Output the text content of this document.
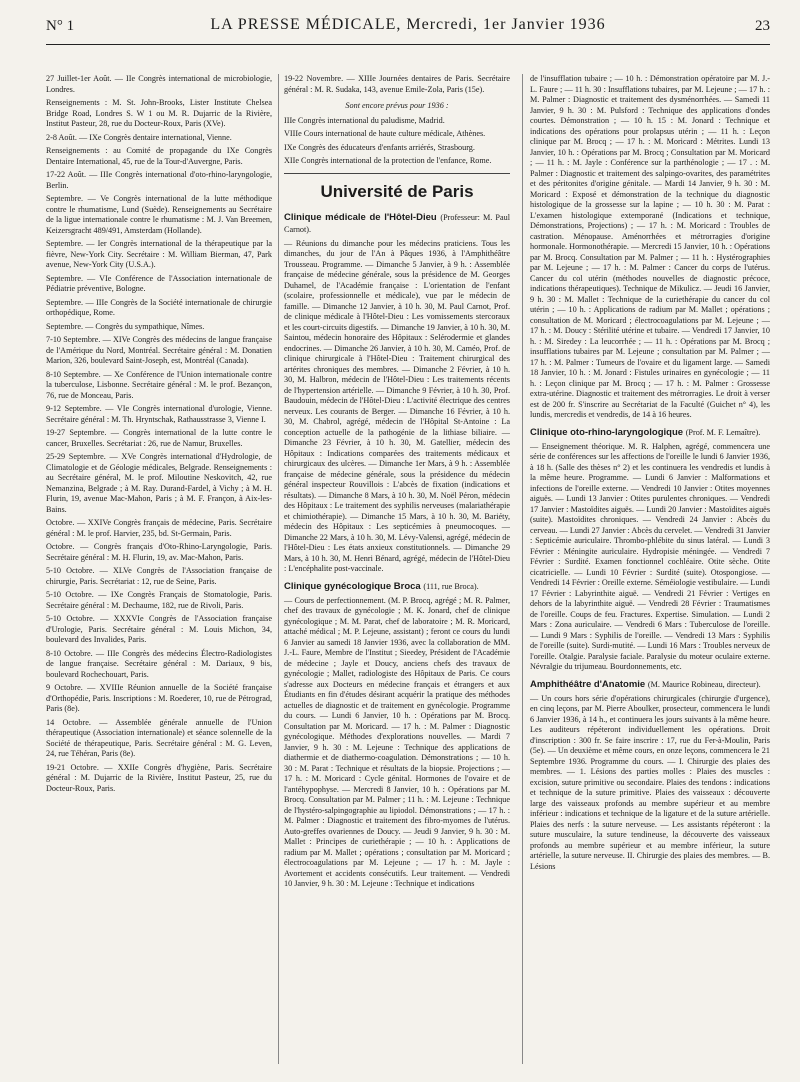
N° 1	LA PRESSE MÉDICALE, Mercredi, 1er Janvier 1936	23

27 Juillet-1er Août. — IIe Congrès international de microbiologie, Londres.

Renseignements : M. St. John-Brooks, Lister Institute Chelsea Bridge Road, Londres S. W 1 ou M. R. Dujarric de la Rivière, Institut Pasteur, 28, rue du Docteur-Roux, Paris (XVe).

2-8 Août. — IXe Congrès dentaire international, Vienne.

Renseignements : au Comité de propagande du IXe Congrès Dentaire International, 45, rue de la Tour-d'Auvergne, Paris.

17-22 Août. — IIIe Congrès international d'oto-rhino-laryngologie, Berlin.

Septembre. — Ve Congrès international de la lutte méthodique contre le rhumatisme, Lund (Suède). Renseignements au Secrétaire de la ligue internationale contre le rhumatisme : M. J. Van Breemen, Keizersgracht 489/491, Amsterdam (Hollande).

Septembre. — Ier Congrès international de la thérapeutique par la fièvre, New-York City. Secrétaire : M. William Bierman, 47, Park avenue, New-York City (U.S.A.).

Septembre. — VIe Conférence de l'Association internationale de Pédiatrie préventive, Bologne.

Septembre. — IIIe Congrès de la Société internationale de chirurgie orthopédique, Rome.

Septembre. — Congrès du sympathique, Nîmes.

7-10 Septembre. — XIVe Congrès des médecins de langue française de l'Amérique du Nord, Montréal. Secrétaire général : M. Donatien Marion, 326, boulevard Saint-Joseph, est, Montréal (Canada).

8-10 Septembre. — Xe Conférence de l'Union internationale contre la tuberculose, Lisbonne. Secrétaire général : M. le prof. Bezançon, 76, rue de Monceau, Paris.

9-12 Septembre. — VIe Congrès international d'urologie, Vienne. Secrétaire général : M. Th. Hryntschak, Rathausstrasse 3, Vienne I.

19-27 Septembre. — Congrès international de la lutte contre le cancer, Bruxelles. Secrétariat : 26, rue de Namur, Bruxelles.

25-29 Septembre. — XVe Congrès international d'Hydrologie, de Climatologie et de Géologie médicales, Belgrade. Renseignements : au Secrétaire général, M. le prof. Miloutine Neskovitch, 42, rue Nemanzina, Belgrade ; à M. Ray. Durand-Fardel, à Vichy ; à M. H. Flurin, 19, avenue Mac-Mahon, Paris ; à M. F. Françon, à Aix-les-Bains.

Octobre. — XXIVe Congrès français de médecine, Paris. Secrétaire général : M. le prof. Harvier, 235, bd. St-Germain, Paris.

Octobre. — Congrès français d'Oto-Rhino-Laryngologie, Paris. Secrétaire général : M. H. Flurin, 19, av. Mac-Mahon, Paris.

5-10 Octobre. — XLVe Congrès de l'Association française de chirurgie, Paris. Secrétariat : 12, rue de Seine, Paris.

5-10 Octobre. — IXe Congrès Français de Stomatologie, Paris. Secrétaire général : M. Dechaume, 182, rue de Rivoli, Paris.

5-10 Octobre. — XXXVIe Congrès de l'Association française d'Urologie, Paris. Secrétaire général : M. Louis Michon, 34, boulevard des Invalides, Paris.

8-10 Octobre. — IIIe Congrès des médecins Électro-Radiologistes de langue française. Secrétaire général : M. Dariaux, 9 bis, boulevard Rochechouart, Paris.

9 Octobre. — XVIIIe Réunion annuelle de la Société française d'Orthopédie, Paris. Inscriptions : M. Roederer, 10, rue de Pétrograd, Paris (8e).

14 Octobre. — Assemblée générale annuelle de l'Union thérapeutique (Association internationale) et séance solennelle de la Société de thérapeutique, Paris. Secrétaire général : M. G. Leven, 24, rue Téhéran, Paris (8e).

19-21 Octobre. — XXIIe Congrès d'hygiène, Paris. Secrétaire général : M. Dujarric de la Rivière, Institut Pasteur, 25, rue du Docteur-Roux, Paris.

19-22 Novembre. — XIIIe Journées dentaires de Paris. Secrétaire général : M. R. Sudaka, 143, avenue Emile-Zola, Paris (15e).

Sont encore prévus pour 1936 :

IIIe Congrès international du paludisme, Madrid.

VIIIe Cours international de haute culture médicale, Athènes.

IXe Congrès des éducateurs d'enfants arriérés, Strasbourg.

XIIe Congrès international de la protection de l'enfance, Rome.

Université de Paris
Clinique médicale de l'Hôtel-Dieu (Professeur: M. Paul Carnot).

— Réunions du dimanche pour les médecins praticiens. Tous les dimanches, du jour de l'An à Pâques 1936, à l'Amphithéâtre Trousseau. Programme. — Dimanche 5 Janvier, à 9 h. : Assemblée française de médecine générale, sous la présidence de M. Georges Duhamel, de l'Académie française : L'orientation de l'enfant (scolaire, professionnelle et médicale), vue par le médecin de famille. — Dimanche 12 Janvier, à 10 h. 30, M. Paul Carnot, Prof. de clinique médicale à l'Hôtel-Dieu : Les vomissements stercoraux et les court-circuits digestifs. — Dimanche 19 Janvier, à 10 h. 30, M. Saintou, médecin honoraire des Hôpitaux : Selérodermie et glandes endocrines. — Dimanche 26 Janvier, à 10 h. 30, M. Caméo, Prof. de clinique chirurgicale à l'Hôtel-Dieu : Traitement chirurgical des artérites chroniques des membres. — Dimanche 2 Février, à 10 h. 30, M. Halbron, médecin de l'Hôtel-Dieu : Les traitements récents de l'hypertension artérielle. — Dimanche 9 Février, à 10 h. 30, Prof. Baudouin, médecin de l'Hôtel-Dieu : L'activité électrique des centres nerveux. Les courants de Berger. — Dimanche 16 Février, à 10 h. 30, M. Chabrol, agrégé, médecin de l'Hôpital St-Antoine : La conception actuelle de la pathogénie de la lithiase biliaire. — Dimanche 23 Février, à 10 h. 30, M. Gatellier, médecin des Hôpitaux : Indications comparées des traitements médicaux et chirurgicaux des ulcères. — Dimanche 1er Mars, à 9 h. : Assemblée française de médecine générale, sous la présidence du médecin général inspecteur Rouvillois : L'abcès de fixation (indications et résultats). — Dimanche 8 Mars, à 10 h. 30, M. Noël Péron, médecin des Hôpitaux : Le traitement des syphilis nerveuses (malariathérapie et chimiothérapie). — Dimanche 15 Mars, à 10 h. 30, M. Bariéty, médecin des Hôpitaux : Les septicémies à pneumocoques. — Dimanche 22 Mars, à 10 h. 30, M. Lévy-Valensi, agrégé, médecin de l'Hôtel-Dieu : Les états anxieux constitutionnels. — Dimanche 29 Mars, à 10 h. 30, M. Henri Bénard, agrégé, médecin de l'Hôtel-Dieu : L'encéphalite post-vaccinale.

Clinique gynécologique Broca (111, rue Broca).

— Cours de perfectionnement. (M. P. Brocq, agrégé ; M. R. Palmer, chef des travaux de gynécologie ; M. K. Jonard, chef de clinique gynécologique ; M. M. Parat, chef de laboratoire ; M. R. Moricard, attaché médical ; M. P. Lejeune, assistant) ; feront ce cours du lundi 6 Janvier au samedi 18 Janvier 1936, avec la collaboration de MM. J.-L. Faure, Membre de l'Institut ; Sieedey, Président de l'Académie de médecine ; Jayle et Doucy, anciens chefs des travaux de gynécologie ; Mallet, radiologiste des Hôpitaux de Paris. Ce cours s'adresse aux Docteurs en médecine français et étrangers et aux Étudiants en fin d'études désirant acquérir la pratique des méthodes actuelles de diagnostic et de traitement en gynécologie. Programme du cours. — Lundi 6 Janvier, 10 h. : Opérations par M. Brocq. Consultation par M. Moricard. — 17 h. : M. Palmer : Diagnostic gynécologique. Méthodes d'explorations nouvelles. — Mardi 7 Janvier, 9 h. 30 : M. Lejeune : Technique des applications de diathermie et de diathermo-coagulation. Démonstrations ; — 10 h. 30 : M. Parat : Technique et résultats de la biopsie. Projections ; — 17 h. : M. Moricard : Cycle génital. Hormones de l'ovaire et de l'antéhypophyse. — Mercredi 8 Janvier, 10 h. : Opérations par M. Brocq. Consultation par M. Palmer ; 11 h. : M. Lejeune : Technique de l'hystéro-salpingographie au lipiodol. Démonstrations ; — 17 h. : M. Palmer : Diagnostic et traitement des fibro-myomes de l'utérus. Auto-greffes ovariennes de Doucy. — Jeudi 9 Janvier, 9 h. 30 : M. Mallet : Principes de curiethérapie ; — 10 h. : Applications de radium par M. Mallet ; opérations ; consultation par M. Moricard ; électrocoagulations par M. Lejeune ; — 17 h. : M. Jayle : Avortement et accidents consécutifs. Leur traitement. — Vendredi 10 Janvier, 9 h. 30 : M. Lejeune : Technique et indications

de l'insufflation tubaire ; — 10 h. : Démonstration opératoire par M. J.-L. Faure ; — 11 h. 30 : Insufflations tubaires, par M. Lejeune ; — 17 h. : M. Palmer : Diagnostic et traitement des dysménorrhées. — Samedi 11 Janvier, 9 h. 30 : M. Pulsford : Technique des applications d'ondes courtes. Démonstration ; — 10 h. 15 : M. Jonard : Technique et indications des opérations pour prolapsus utérin ; — 11 h. : Leçon clinique par M. Brocq ; — 17 h. : M. Moricard : Métrites. Lundi 13 Janvier, 10 h. : Opérations par M. Brocq ; Consultation par M. Moricard ; — 11 h. : M. Jayle : Conférence sur la parthénologie ; — 17 . : M. Palmer : Diagnostic et traitement des salpingo-ovarites, des paramétrites et des péritonites d'origine génitale. — Mardi 14 Janvier, 9 h. 30 : M. Moricard : Exposé et démonstration de la technique du diagnostic histologique de la grossesse sur la lapine ; — 10 h. 30 : M. Parat : L'examen histologique extemporané (Indications et technique, Démonstrations, Projections) ; — 17 h. : M. Moricard : Troubles de castration. Ménopause. Aménorrhées et métrorragies d'origine hormonale. Hormonothérapie. — Mercredi 15 Janvier, 10 h. : Opérations par M. Brocq. Consultation par M. Palmer ; — 11 h. : Hystérographies par M. Lejeune ; — 17 h. : M. Palmer : Cancer du corps de l'utérus. Cancer du col utérin (méthodes nouvelles de diagnostic précoce, indications thérapeutiques). Technique de Mikulicz. — Jeudi 16 Janvier, 9 h. 30 : M. Mallet : Technique de la curiethérapie du cancer du col utérin ; — 10 h. : Applications de radium par M. Mallet ; opérations ; consultation de M. Moricard ; électrocoagulations par M. Lejeune ; — 17 h. : M. Doucy : Stérilité utérine et tubaire. — Vendredi 17 Janvier, 10 h. : M. Siredey : La leucorrhée ; — 11 h. : Opérations par M. Brocq ; insufflations tubaires par M. Lejeune ; consultation par M. Palmer ; — 17 h. : M. Palmer : Tumeurs de l'ovaire et du ligament large. — Samedi 18 Janvier, 10 h. : M. Jonard : Fistules urinaires en gynécologie ; — 11 h. : Leçon clinique par M. Brocq ; — 17 h. : M. Palmer : Grossesse extra-utérine. Diagnostic et traitement des métrorragies. Le droit à verser est de 200 fr. S'inscrire au Secrétariat de la Faculté (Guichet n° 4), les lundis, mercredis et vendredis, de 14 à 16 heures.

Clinique oto-rhino-laryngologique (Prof. M. F. Lemaître).

— Enseignement théorique. M. R. Halphen, agrégé, commencera une série de conférences sur les affections de l'oreille le lundi 6 Janvier 1936, à 18 h. (Salle des thèses n° 2) et les continuera les vendredis et lundis à la même heure. Programme. — Lundi 6 Janvier : Malformations et infections de l'oreille externe. — Vendredi 10 Janvier : Otites moyennes aiguës. — Lundi 13 Janvier : Otites purulentes chroniques. — Vendredi 17 Janvier : Mastoïdites aiguës. — Lundi 20 Janvier : Mastoïdites aiguës (suite). Mastoïdites chroniques. — Vendredi 24 Janvier : Abcès du cerveau. — Lundi 27 Janvier : Abcès du cervelet. — Vendredi 31 Janvier : Septicémie auriculaire. Thrombo-phlébite du sinus latéral. — Lundi 3 Février : Méningite auriculaire. Hydropisie méningée. — Vendredi 7 Février : Surdité. Examen fonctionnel cochléaire. Otite sèche. Otite cicatricielle. — Lundi 10 Février : Surdité (suite). Otospongiose. — Vendredi 14 Février : Oreille externe. Séméiologie vestibulaire. — Lundi 17 Février : Labyrinthite aiguë. — Vendredi 21 Février : Vertiges en dehors de la labyrinthite aiguë. — Vendredi 28 Février : Traumatismes de l'oreille. Coups de feu. Fractures. Expertise. Simulation. — Lundi 2 Mars : Zona auriculaire. — Vendredi 6 Mars : Tuberculose de l'oreille. — Lundi 9 Mars : Syphilis de l'oreille. — Vendredi 13 Mars : Syphilis de l'oreille (suite). Surdi-mutité. — Lundi 16 Mars : Troubles nerveux de l'oreille. Otalgie. Paralysie faciale. Paralysie du moteur oculaire externe. Névralgie du trijumeau. Bourdonnements, etc.

Amphithéâtre d'Anatomie (M. Maurice Robineau, directeur).

— Un cours hors série d'opérations chirurgicales (chirurgie d'urgence), en cinq leçons, par M. Pierre Aboulker, prosecteur, commencera le lundi 6 Janvier 1936, à 14 h., et continuera les jours suivants à la même heure. Les auditeurs répéteront individuellement les opérations. Droit d'inscription : 300 fr. Se faire inscrire : 17, rue du Fer-à-Moulin, Paris (5e). — Un deuxième et même cours, en onze leçons, commencera le 21 Septembre 1936. Programme du cours. — I. Chirurgie des plaies des membres. — 1. Lésions des parties molles : Plaies des muscles : excision, suture primitive ou secondaire. Plaies des tendons : indications et technique de la suture primitive. Plaies des vaisseaux : découverte large des vaisseaux profonds au membre supérieur et au membre inférieur : indications et technique de la ligature et de la suture artérielle. Plaies des nerfs : la suture nerveuse. — Les assistants répéteront : la suture musculaire, la suture tendineuse, la découverte des vaisseaux profonds au membre supérieur et au membre inférieur, la suture artérielle, la suture nerveuse. II. Chirurgie des plaies des membres. — B. Lésions
